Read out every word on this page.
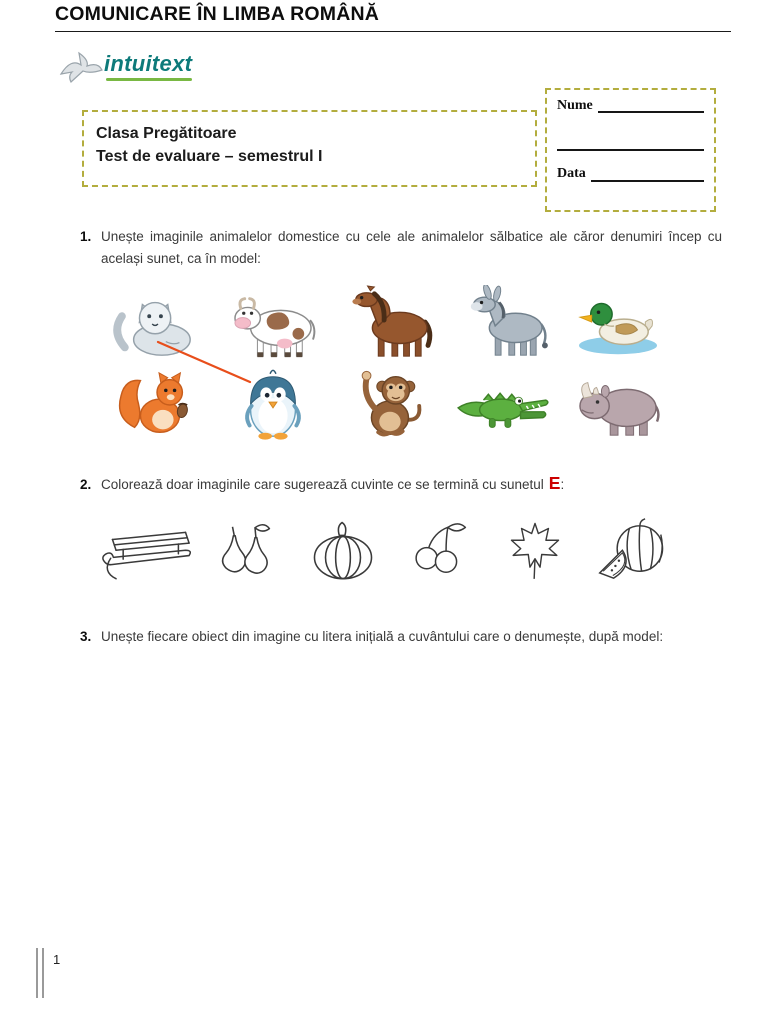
COMUNICARE ÎN LIMBA ROMÂNĂ
intuitext
Clasa Pregătitoare
Test de evaluare – semestrul I
Nume
Data
1. Unește imaginile animalelor domestice cu cele ale animalelor sălbatice ale căror denumiri încep cu același sunet, ca în model:

2. Colorează doar imaginile care sugerează cuvinte ce se termină cu sunetul E:

3. Unește fiecare obiect din imagine cu litera inițială a cuvântului care o denumește, după model:

1
